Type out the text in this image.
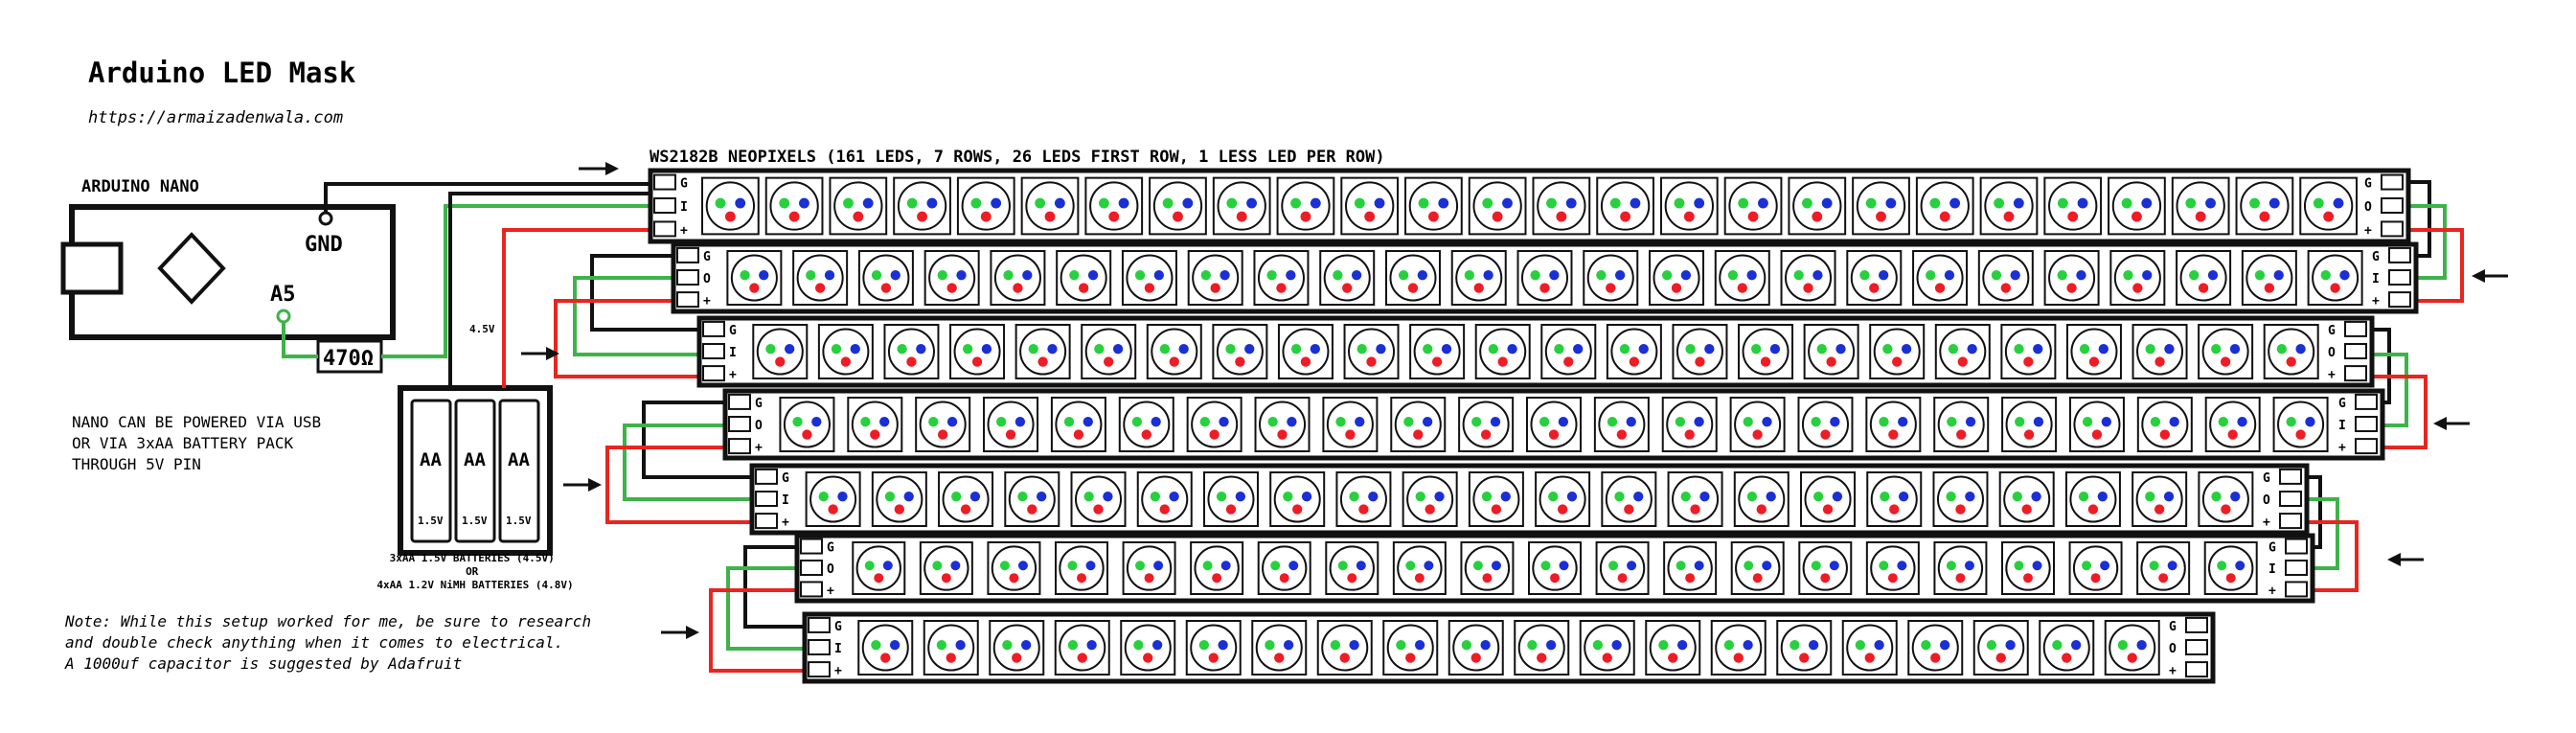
Arduino LED Mask
https://armaizadenwala.com
ARDUINO NANO
GND
A5
470Ω
NANO CAN BE POWERED VIA USB OR VIA 3xAA BATTERY PACK THROUGH 5V PIN	AA AA AA
1.5V 1.5V 1.5V
4.5V
3xAA 1.5V BATTERIES (4.5V) OR 4xAA 1.2V NiMH BATTERIES (4.8V)
Note: While this setup worked for me, be sure to research and double check anything when it comes to electrical. A 1000uf capacitor is suggested by Adafruit
WS2182B NEOPIXELS (161 LEDS, 7 ROWS, 26 LEDS FIRST ROW, 1 LESS LED PER ROW)
G
I
+
G
O
+
G
O
+
G
I
+
G
I
+
G
O
+
G
O
+
G
I
+
G
I
+
G
O
+
G
O
+
G
I
+
G
I
+
G
O
+
